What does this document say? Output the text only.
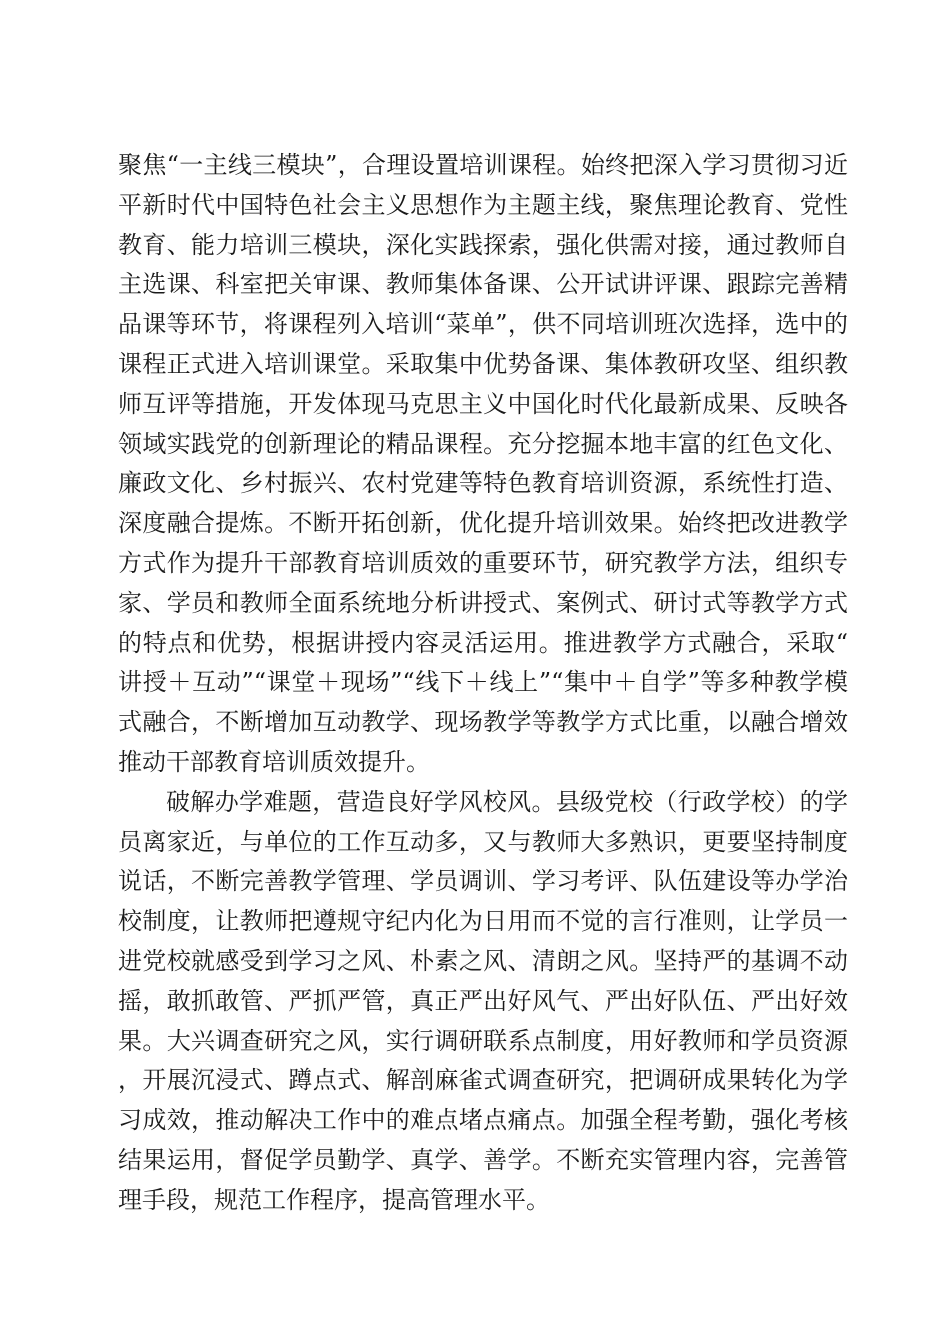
聚焦“一主线三模块”，合理设置培训课程。始终把深入学习贯彻习近平新时代中国特色社会主义思想作为主题主线，聚焦理论教育、党性教育、能力培训三模块，深化实践探索，强化供需对接，通过教师自主选课、科室把关审课、教师集体备课、公开试讲评课、跟踪完善精品课等环节，将课程列入培训“菜单”，供不同培训班次选择，选中的课程正式进入培训课堂。采取集中优势备课、集体教研攻坚、组织教师互评等措施，开发体现马克思主义中国化时代化最新成果、反映各领域实践党的创新理论的精品课程。充分挖掘本地丰富的红色文化、廉政文化、乡村振兴、农村党建等特色教育培训资源，系统性打造、深度融合提炼。不断开拓创新，优化提升培训效果。始终把改进教学方式作为提升干部教育培训质效的重要环节，研究教学方法，组织专家、学员和教师全面系统地分析讲授式、案例式、研讨式等教学方式的特点和优势，根据讲授内容灵活运用。推进教学方式融合，采取“讲授＋互动”“课堂＋现场”“线下＋线上”“集中＋自学”等多种教学模式融合，不断增加互动教学、现场教学等教学方式比重，以融合增效推动干部教育培训质效提升。

破解办学难题，营造良好学风校风。县级党校（行政学校）的学员离家近，与单位的工作互动多，又与教师大多熟识，更要坚持制度说话，不断完善教学管理、学员调训、学习考评、队伍建设等办学治校制度，让教师把遵规守纪内化为日用而不觉的言行准则，让学员一进党校就感受到学习之风、朴素之风、清朗之风。坚持严的基调不动摇，敢抓敢管、严抓严管，真正严出好风气、严出好队伍、严出好效果。大兴调查研究之风，实行调研联系点制度，用好教师和学员资源，开展沉浸式、蹲点式、解剖麻雀式调查研究，把调研成果转化为学习成效，推动解决工作中的难点堵点痛点。加强全程考勤，强化考核结果运用，督促学员勤学、真学、善学。不断充实管理内容，完善管理手段，规范工作程序，提高管理水平。
